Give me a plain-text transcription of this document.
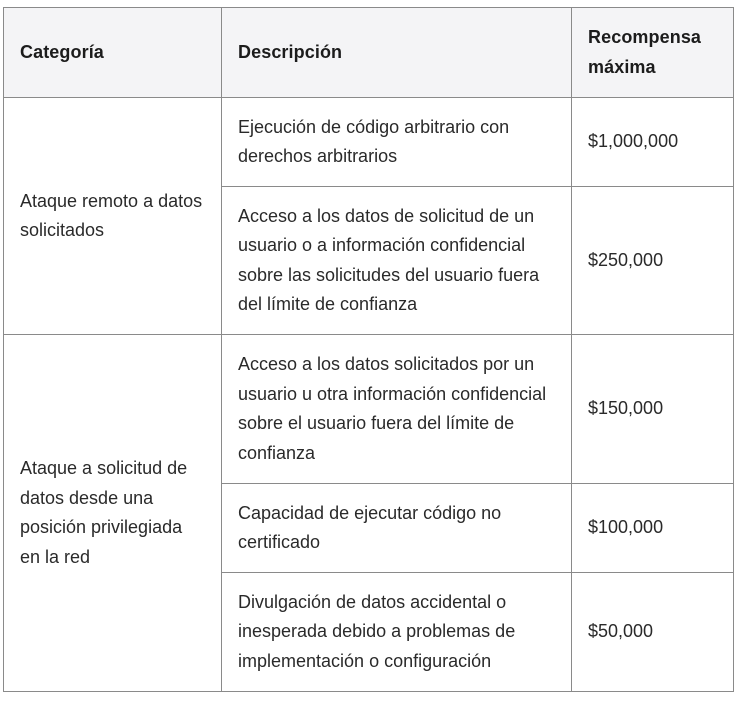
Categoría	Descripción	Recompensa máxima
Ataque remoto a datos solicitados	Ejecución de código arbitrario con derechos arbitrarios	$1,000,000
	Acceso a los datos de solicitud de un usuario o a información confidencial sobre las solicitudes del usuario fuera del límite de confianza	$250,000
Ataque a solicitud de datos desde una posición privilegiada en la red	Acceso a los datos solicitados por un usuario u otra información confidencial sobre el usuario fuera del límite de confianza	$150,000
	Capacidad de ejecutar código no certificado	$100,000
	Divulgación de datos accidental o inesperada debido a problemas de implementación o configuración	$50,000
